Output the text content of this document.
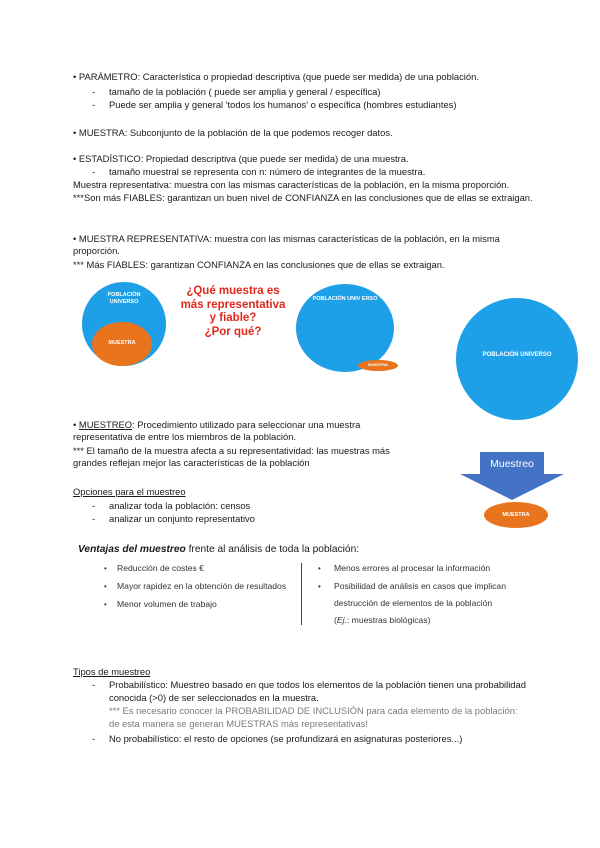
• PARÁMETRO: Característica o propiedad descriptiva (que puede ser medida) de una población.
- tamaño de la población ( puede ser amplia y general / específica)
- Puede ser amplia y general 'todos los humanos' o específica (hombres estudiantes)
• MUESTRA: Subconjunto de la población de la que podemos recoger datos.
• ESTADÍSTICO: Propiedad descriptiva (que puede ser medida) de una muestra.
- tamaño muestral se representa con n: número de integrantes de la muestra.
Muestra representativa: muestra con las mismas características de la población, en la misma proporción.
***Son más FIABLES: garantizan un buen nivel de CONFIANZA en las conclusiones que de ellas se extraigan.
• MUESTRA REPRESENTATIVA: muestra con las mismas características de la población, en la misma proporción.
*** Más FIABLES: garantizan CONFIANZA en las conclusiones que de ellas se extraigan.
POBLACIÓN UNIVERSO
MUESTRA
¿Qué muestra es
más representativa
y fiable?
¿Por qué?
POBLACIÓN UNIV ERSO
MUESTRA
POBLACIÓN UNIVERSO
Muestreo
MUESTRA
• MUESTREO: Procedimiento utilizado para seleccionar una muestra representativa de entre los miembros de la población.
*** El tamaño de la muestra afecta a su representatividad: las muestras más grandes reflejan mejor las características de la población
Opciones para el muestreo
- analizar toda la población: censos
- analizar un conjunto representativo
Ventajas del muestreo frente al análisis de toda la población:
• Reducción de costes €
• Mayor rapidez en la obtención de resultados
• Menor volumen de trabajo
• Menos errores al procesar la información
• Posibilidad de análisis en casos que implican
destrucción de elementos de la población
(Ej.: muestras biológicas)
Tipos de muestreo
- Probabilístico: Muestreo basado en que todos los elementos de la población tienen una probabilidad
conocida (>0) de ser seleccionados en la muestra.
*** Es necesario conocer la PROBABILIDAD DE INCLUSIÓN para cada elemento de la población:
de esta manera se generan MUESTRAS más representativas!
- No probabilístico: el resto de opciones (se profundizará en asignaturas posteriores...)
